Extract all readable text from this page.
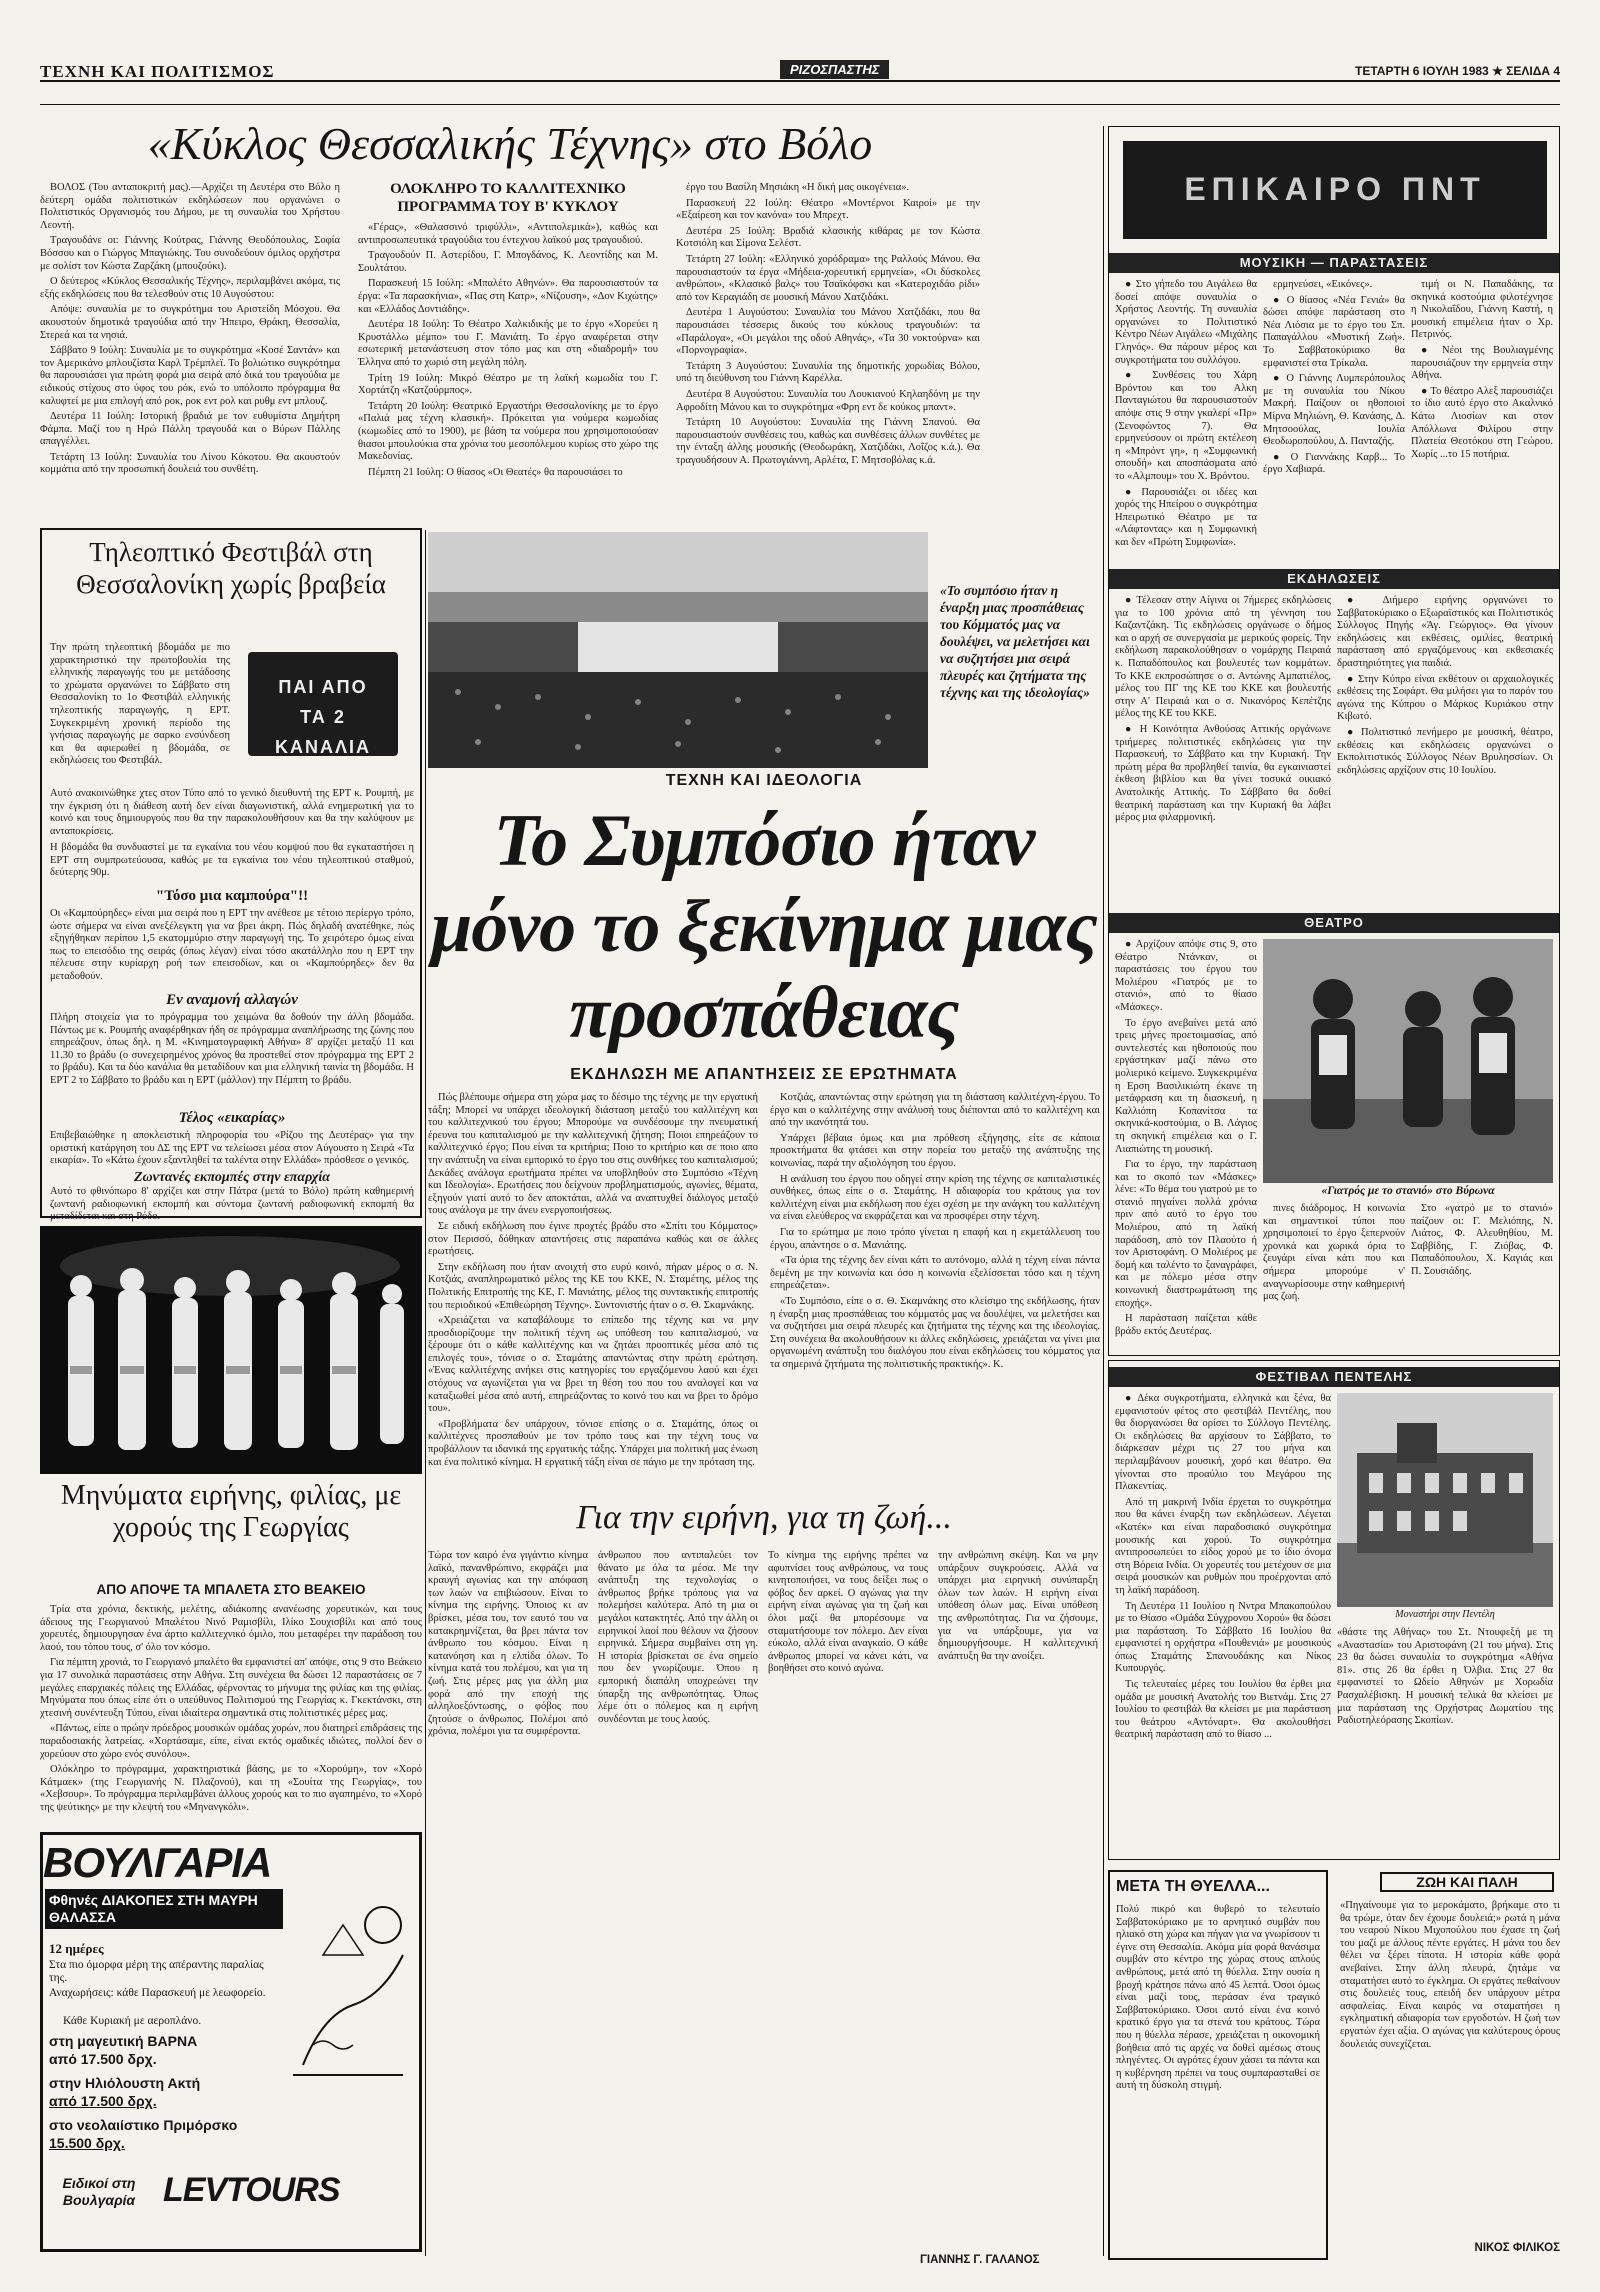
ΤΕΧΝΗ ΚΑΙ ΠΟΛΙΤΙΣΜΟΣ	ΡΙΖΟΣΠΑΣΤΗΣ	ΤΕΤΑΡΤΗ 6 ΙΟΥΛΗ 1983 ★ ΣΕΛΙΔΑ 4
«Κύκλος Θεσσαλικής Τέχνης» στο Βόλο

ΒΟΛΟΣ (Του ανταποκριτή μας).—Αρχίζει τη Δευτέρα στο Βόλο η δεύτερη ομάδα πολιτιστικών εκδηλώσεων που οργανώνει ο Πολιτιστικός Οργανισμός του Δήμου, με τη συναυλία του Χρήστου Λεοντή.

Τραγουδάνε οι: Γιάννης Κούτρας, Γιάννης Θεοδόπουλος, Σοφία Βόσσου και ο Γιώργος Μπαγιώκης. Του συνοδεύουν όμιλος ορχήστρα με σολίστ τον Κώστα Ζαρζάκη (μπουζούκι).

Ο δεύτερος «Κύκλος Θεσσαλικής Τέχνης», περιλαμβάνει ακόμα, τις εξής εκδηλώσεις που θα τελεσθούν στις 10 Αυγούστου:

Απόψε: συναυλία με το συγκρότημα του Αριστείδη Μόσχου. Θα ακουστούν δημοτικά τραγούδια από την Ήπειρο, Θράκη, Θεσσαλία, Στερεά και τα νησιά.

Σάββατο 9 Ιούλη: Συναυλία με το συγκρότημα «Κοσέ Σαντάν» και τον Αμερικάνο μπλουζίστα Καρλ Τρέμπλεϊ. Το βολιώτικο συγκρότημα θα παρουσιάσει για πρώτη φορά μια σειρά από δικά του τραγούδια με ειδικούς στίχους στο ύφος του ρόκ, ενώ το υπόλοιπο πρόγραμμα θα καλυφτεί με μια επιλογή από ροκ, ροκ εντ ρολ και ρυθμ εντ μπλουζ.

Δευτέρα 11 Ιούλη: Ιστορική βραδιά με τον ευθυμίστα Δημήτρη Φάμπα. Μαζί του η Ηρώ Πάλλη τραγουδά και ο Βύρων Πάλλης απαγγέλλει.

Τετάρτη 13 Ιούλη: Συναυλία του Λίνου Κόκοτου. Θα ακουστούν κομμάτια από την προσωπική δουλειά του συνθέτη.

ΟΛΟΚΛΗΡΟ ΤΟ ΚΑΛΛΙΤΕΧΝΙΚΟ ΠΡΟΓΡΑΜΜΑ ΤΟΥ Β' ΚΥΚΛΟΥ

«Γέρας», «Θαλασσινό τριφύλλι», «Αντιπολεμικά»), καθώς και αντιπροσωπευτικά τραγούδια του έντεχνου λαϊκού μας τραγουδιού.

Τραγουδούν Π. Αστερίδου, Γ. Μπογδάνος, Κ. Λεοντίδης και Μ. Σουλτάτου.

Παρασκευή 15 Ιούλη: «Μπαλέτο Αθηνών». Θα παρουσιαστούν τα έργα: «Τα παρασκήνια», «Πας στη Κατρ», «Νίζουση», «Δον Κιχώτης» και «Ελλάδος Δοντιάδης».

Δευτέρα 18 Ιούλη: Το Θέατρο Χαλκιδικής με το έργο «Χορεύει η Κρυστάλλω μέμπο» του Γ. Μανιάτη. Το έργο αναφέρεται στην εσωτερική μετανάστευση στον τόπο μας και στη «διαδρομή» του Έλληνα από το χωριό στη μεγάλη πόλη.

Τρίτη 19 Ιούλη: Μικρό Θέατρο με τη λαϊκή κωμωδία του Γ. Χορτάτζη «Κατζούρμπος».

Τετάρτη 20 Ιούλη: Θεατρικό Εργαστήρι Θεσσαλονίκης με το έργο «Παλιά μας τέχνη κλασική». Πρόκειται για νούμερα κωμωδίας (κωμωδίες από το 1900), με βάση τα νούμερα που χρησιμοποιούσαν θιασοι μπουλούκια στα χρόνια του μεσοπόλεμου κυρίως στο χώρο της Μακεδονίας.

Πέμπτη 21 Ιούλη: Ο θίασος «Οι Θεατές» θα παρουσιάσει το

έργο του Βασίλη Μησιάκη «Η δική μας οικογένεια».

Παρασκευή 22 Ιούλη: Θέατρο «Μοντέρνοι Καιροί» με την «Εξαίρεση και τον κανόνα» του Μπρεχτ.

Δευτέρα 25 Ιούλη: Βραδιά κλασικής κιθάρας με τον Κώστα Κοτσιόλη και Σίμονα Σελέστ.

Τετάρτη 27 Ιούλη: «Ελληνικό χορόδραμα» της Ραλλούς Μάνου. Θα παρουσιαστούν τα έργα «Μήδεια-χορευτική ερμηνεία», «Οι δύσκολες ανθρώποι», «Κλασικό βαλς» του Τσαϊκόφσκι και «Κατεροχιδάο ρίδι» από τον Κεραγιάδη σε μουσική Μάνου Χατζιδάκι.

Δευτέρα 1 Αυγούστου: Συναυλία του Μάνου Χατζιδάκι, που θα παρουσιάσει τέσσερις δικούς του κύκλους τραγουδιών: τα «Παράλογα», «Οι μεγάλοι της οδού Αθηνάς», «Τα 30 νοκτούρνα» και «Πορνογραφία».

Τετάρτη 3 Αυγούστου: Συναυλία της δημοτικής χορωδίας Βόλου, υπό τη διεύθυνση του Γιάννη Καρέλλα.

Δευτέρα 8 Αυγούστου: Συναυλία του Λουκιανού Κηλαηδόνη με την Αφροδίτη Μάνου και το συγκρότημα «Φρη εντ δε κούκος μπαντ».

Τετάρτη 10 Αυγούστου: Συναυλία της Γιάννη Σπανού. Θα παρουσιαστούν συνθέσεις του, καθώς και συνθέσεις άλλων συνθέτες με την ένταξη άλλης μουσικής (Θεοδωράκη, Χατζιδάκι, Λοΐζος κ.ά.). Θα τραγουδήσουν Α. Πρωτογιάννη, Αρλέτα, Γ. Μητσοβόλας κ.ά.

Τηλεοπτικό Φεστιβάλ στη Θεσσαλονίκη χωρίς βραβεία
Την πρώτη τηλεοπτική βδομάδα με πιο χαρακτηριστικό την πρωτοβουλία της ελληνικής παραγωγής του με μετάδοσης το χρώματα οργανώνει το Σάββατο στη Θεσσαλονίκη το 1ο Φεστιβάλ ελληνικής τηλεοπτικής παραγωγής, η ΕΡΤ. Συγκεκριμένη χρονική περίοδο της γνήσιας παραγωγής με σαρκο ενσύνδεση και θα αφιερωθεί η βδομάδα, σε εκδηλώσεις του Φεστιβάλ.
ΠΑΙ ΑΠΟ ΤΑ 2 ΚΑΝΑΛΙΑ
Αυτό ανακοινώθηκε χτες στον Τύπο από το γενικό διευθυντή της ΕΡΤ κ. Ρουμπή, με την έγκριση ότι η διάθεση αυτή δεν είναι διαγωνιστική, αλλά ενημερωτική για το κοινό και τους δημιουργούς που θα την παρακολουθήσουν και θα την καλύψουν με ανταποκρίσεις.
Η βδομάδα θα συνδυαστεί με τα εγκαίνια του νέου κομψού που θα εγκαταστήσει η ΕΡΤ στη συμπρωτεύουσα, καθώς με τα εγκαίνια του νέου τηλεοπτικού σταθμού, δεύτερης 90μ.
"Τόσο μια καμπούρα"!!
Οι «Καμπούρηδες» είναι μια σειρά που η ΕΡΤ την ανέθεσε με τέτοιο περίεργο τρόπο, ώστε σήμερα να είναι ανεξέλεγκτη για να βρει άκρη. Πώς δηλαδή ανατέθηκε, πώς εξηγήθηκαν περίπου 1,5 εκατομμύριο στην παραγωγή της. Το χειρότερο όμως είναι πως το επεισόδιο της σειράς (όπως λέγαν) είναι τόσο ακατάλληλο που η ΕΡΤ την πέλευσε στην κυρίαρχη ροή των επεισοδίων, και οι «Καμπούρηδες» δεν θα μεταδοθούν.
Εν αναμονή αλλαγών
Πλήρη στοιχεία για το πρόγραμμα του χειμώνα θα δοθούν την άλλη βδομάδα. Πάντως με κ. Ρουμπής αναφέρθηκαν ήδη σε πρόγραμμα αναπλήρωσης της ζώνης που επηρεάζουν, όπως δηλ. η Μ. «Κινηματογραφική Αθήνα» 8' αρχίζει μεταξύ 11 και 11.30 το βράδυ (ο συνεχειρημένος χρόνος θα προστεθεί στον πρόγραμμα της ΕΡΤ 2 το βράδυ). Και τα δύο κανάλια θα μεταδίδουν και μια ελληνική ταινία τη βδομάδα. Η ΕΡΤ 2 το Σάββατο το βράδυ και η ΕΡΤ (μάλλον) την Πέμπτη το βράδυ.
Τέλος «εικαρίας»
Επιβεβαιώθηκε η αποκλειστική πληροφορία του «Ρίζου της Δευτέρας» για την οριστική κατάργηση του ΔΣ της ΕΡΤ να τελείωσει μέσα στον Αύγουστο η Σειρά «Τα εικαρία». Το «Κάτω έχουν εξαντληθεί τα ταλέντα στην Ελλάδα» πρόσθεσε ο γενικός.
Ζωντανές εκπομπές στην επαρχία
Αυτό το φθινόπωρο 8' αρχίζει και στην Πάτρα (μετά το Βόλο) πρώτη καθημερινή ζωντανή ραδιοφωνική εκπομπή και σύντομα ζωντανή ραδιοφωνική εκπομπή θα μεταδίδεται και στη Ρόδο.
Μηνύματα ειρήνης, φιλίας, με χορούς της Γεωργίας
ΑΠΟ ΑΠΟΨΕ ΤΑ ΜΠΑΛΕΤΑ ΣΤΟ ΒΕΑΚΕΙΟ

Τρία στα χρόνια, δεκτικής, μελέτης, αδιάκοπης ανανέωσης χορευτικών, και τους άδειους της Γεωργιανού Μπαλέτου Νινό Ραμισβίλι, Ιλίκο Σουχισβίλι και από τους χορευτές, δημιουργησαν ένα άρτιο καλλιτεχνικό όμιλο, που μεταφέρει την παράδοση του λαού, του τόπου τους, σ' όλο τον κόσμο.

Για πέμπτη χρονιά, το Γεωργιανό μπαλέτο θα εμφανιστεί απ' απόψε, στις 9 στο Βεάκειο για 17 συνολικά παραστάσεις στην Αθήνα. Στη συνέχεια θα δώσει 12 παραστάσεις σε 7 μεγάλες επαρχιακές πόλεις της Ελλάδας, φέρνοντας το μήνυμα της φιλίας και της φιλίας. Μηνύματα που όπως είπε ότι ο υπεύθυνος Πολιτισμού της Γεωργίας κ. Γκεκτάνσκι, στη χτεσινή συνέντευξη Τύπου, είναι ιδιαίτερα σημαντικά στις πολιτιστικές μέρες μας.

«Πάντως, είπε ο πρώην πρόεδρος μουσικών ομάδας χορών, που διατηρεί επιδράσεις της παραδοσιακής λατρείας. «Χορτάσαμε, είπε, είναι εκτός ομαδικές ιδιώτες, πολλοί δεν ο χορεύουν στο χώρο ενός συνόλου».

Ολόκληρο το πρόγραμμα, χαρακτηριστικά βάσης, με το «Χορούμη», τον «Χορό Κάτμαεκ» (της Γεωργιανής Ν. Πλαζονού), και τη «Σουίτα της Γεωργίας», του «Χεβσουρ». Το πρόγραμμα περιλαμβάνει άλλους χορούς και το πιο αγαπημένο, το «Χορό της ψεύτικης» με την κλεψτή του «Μηνανγκόλι».

ΒΟΥΛΓΑΡΙΑ
Φθηνές ΔΙΑΚΟΠΕΣ ΣΤΗ ΜΑΥΡΗ ΘΑΛΑΣΣΑ
12 ημέρες
Στα πιο όμορφα μέρη της απέραντης παραλίας της.
Αναχωρήσεις: κάθε Παρασκευή με λεωφορείο.
Κάθε Κυριακή με αεροπλάνο.
στη μαγευτική ΒΑΡΝΑ
από 17.500 δρχ.
στην Ηλιόλουστη Ακτή
από 17.500 δρχ.
στο νεολαιίστικο Πριμόρσκο
15.500 δρχ.
Ειδικοί στη Βουλγαρία LEVTOURS
«Το συμπόσιο ήταν η έναρξη μιας προσπάθειας του Κόμματός μας να δουλέψει, να μελετήσει και να συζητήσει μια σειρά πλευρές και ζητήματα της τέχνης και της ιδεολογίας»
ΤΕΧΝΗ ΚΑΙ ΙΔΕΟΛΟΓΙΑ
Το Συμπόσιο ήταν μόνο το ξεκίνημα μιας προσπάθειας
ΕΚΔΗΛΩΣΗ ΜΕ ΑΠΑΝΤΗΣΕΙΣ ΣΕ ΕΡΩΤΗΜΑΤΑ

Πώς βλέπουμε σήμερα στη χώρα μας το δέσιμο της τέχνης με την εργατική τάξη; Μπορεί να υπάρχει ιδεολογική διάσταση μεταξύ του καλλιτέχνη και του καλλιτεχνικού του έργου; Μπορούμε να συνδέσουμε την πνευματική έρευνα του καπιταλισμού με την καλλιτεχνική ζήτηση; Ποιοι επηρεάζουν το καλλιτεχνικό έργο; Που είναι τα κριτήρια; Ποιο το κριτήριο και σε ποιο απο την ανάπτυξη να είναι εμπορικό το έργο του στις συνθήκες του καπιταλισμού; Δεκάδες ανάλογα ερωτήματα πρέπει να υποβληθούν στο Συμπόσιο «Τέχνη και Ιδεολογία». Ερωτήσεις που δείχνουν προβληματισμούς, αγωνίες, θέματα, εξηγούν γιατί αυτό το δεν αποκτάται, αλλά να αναπτυχθεί διάλογος μεταξύ τους ανάλογα με την άνευ ενεργοποιήσεως.

Σε ειδική εκδήλωση που έγινε προχτές βράδυ στο «Σπίτι του Κόμματος» στον Περισσό, δόθηκαν απαντήσεις στις παραπάνω καθώς και σε άλλες ερωτήσεις.

Στην εκδήλωση που ήταν ανοιχτή στο ευρύ κοινό, πήραν μέρος ο σ. Ν. Κοτζιάς, αναπληρωματικό μέλος της ΚΕ του ΚΚΕ, Ν. Σταμέτης, μέλος της Πολιτικής Επιτροπής της ΚΕ, Γ. Μανιάτης, μέλος της συντακτικής επιτροπής του περιοδικού «Επιθεώρηση Τέχνης». Συντονιστής ήταν ο σ. Θ. Σκαμνάκης.

«Χρειάζεται να καταβάλουμε το επίπεδο της τέχνης και να μην προσδιορίζουμε την πολιτική τέχνη ως υπόθεση του καπιταλισμού, να ξέρουμε ότι ο κάθε καλλιτέχνης και να ζητάει προοπτικές μέσα από τις επιλογές του», τόνισε ο σ. Σταμάτης απαντώντας στην πρώτη ερώτηση. «Ένας καλλιτέχνης ανήκει στις κατηγορίες του εργαζόμενου λαού και έχει στόχους να αγωνίζεται για να βρει τη θέση του που του αναλογεί και να καταξιωθεί μέσα από αυτή, επηρεάζοντας το κοινό του και να βρει το δρόμο του».

«Προβλήματα δεν υπάρχουν, τόνισε επίσης ο σ. Σταμάτης, όπως οι καλλιτέχνες προσπαθούν με τον τρόπο τους και την τέχνη τους να προβάλλουν τα ιδανικά της εργατικής τάξης. Υπάρχει μια πολιτική μας ένωση και ένα πολιτικό κίνημα. Η εργατική τάξη είναι σε πάγιο με την πρόταση της.

Κοτζιάς, απαντώντας στην ερώτηση για τη διάσταση καλλιτέχνη-έργου. Το έργο και ο καλλιτέχνης στην ανάλυσή τους διέπονται από το καλλιτέχνη και από την ικανότητά του.

Υπάρχει βέβαια όμως και μια πρόθεση εξήγησης, είτε σε κάποια προσκτήματα θα φτάσει και στην πορεία του μεταξύ της ανάπτυξης της κοινωνίας, παρά την αξιολόγηση του έργου.

Η ανάλυση του έργου που οδηγεί στην κρίση της τέχνης σε καπιταλιστικές συνθήκες, όπως είπε ο σ. Σταμάτης. Η αδιαφορία του κράτους για τον καλλιτέχνη είναι μια εκδήλωση που έχει σχέση με την ανάγκη του καλλιτέχνη να είναι ελεύθερος να εκφράζεται και να προσφέρει στην τέχνη.

Για το ερώτημα με ποιο τρόπο γίνεται η επαφή και η εκμετάλλευση του έργου, απάντησε ο σ. Μανιάτης.

«Τα όρια της τέχνης δεν είναι κάτι το αυτόνομο, αλλά η τέχνη είναι πάντα δεμένη με την κοινωνία και όσο η κοινωνία εξελίσσεται τόσο και η τέχνη επηρεάζεται».

«Το Συμπόσιο, είπε ο σ. Θ. Σκαμνάκης στο κλείσιμο της εκδήλωσης, ήταν η έναρξη μιας προσπάθειας του κόμματός μας να δουλέψει, να μελετήσει και να συζητήσει μια σειρά πλευρές και ζητήματα της τέχνης και της ιδεολογίας. Στη συνέχεια θα ακολουθήσουν κι άλλες εκδηλώσεις, χρειάζεται να γίνει μια οργανωμένη ανάπτυξη του διαλόγου που είναι εκδηλώσεις του κόμματος για τα σημερινά ζητήματα της πολιτιστικής πρακτικής». Κ.

Για την ειρήνη, για τη ζωή...
Τώρα τον καιρό ένα γιγάντιο κίνημα λαϊκό, πανανθρώπινο, εκφράζει μια κραυγή αγωνίας και την απόφαση των λαών να επιβιώσουν. Είναι το κίνημα της ειρήνης. Όποιος κι αν βρίσκει, μέσα του, τον εαυτό του να κατακρημνίζεται, θα βρει πάντα τον άνθρωπο του κόσμου. Είναι η κατανόηση και η ελπίδα όλων. Το κίνημα κατά του πολέμου, και για τη ζωή. Στις μέρες μας για άλλη μια φορά από την εποχή της αλληλοεξόντωσης, ο φόβος που ζητούσε ο άνθρωπος. Πολέμοι από χρόνια, πολέμοι για τα συμφέροντα.
άνθρωπου που αντιπαλεύει τον θάνατο με όλα τα μέσα. Με την ανάπτυξη της τεχνολογίας ο άνθρωπος βρήκε τρόπους για να πολεμήσει καλύτερα. Από τη μια οι μεγάλοι κατακτητές. Από την άλλη οι ειρηνικοί λαοί που θέλουν να ζήσουν ειρηνικά. Σήμερα συμβαίνει στη γη. Η ιστορία βρίσκεται σε ένα σημείο που δεν γνωρίζουμε. Όπου η εμπορική διαπάλη υποχρεώνει την ύπαρξη της ανθρωπότητας. Όπως λέμε ότι ο πόλεμος και η ειρήνη συνδέονται με τους λαούς.
Το κίνημα της ειρήνης πρέπει να αφυπνίσει τους ανθρώπους, να τους κινητοποιήσει, να τους δείξει πως ο φόβος δεν αρκεί. Ο αγώνας για την ειρήνη είναι αγώνας για τη ζωή και όλοι μαζί θα μπορέσουμε να σταματήσουμε τον πόλεμο. Δεν είναι εύκολο, αλλά είναι αναγκαίο. Ο κάθε άνθρωπος μπορεί να κάνει κάτι, να βοηθήσει στο κοινό αγώνα.
την ανθρώπινη σκέψη. Και να μην υπάρξουν συγκρούσεις. Αλλά να υπάρχει μια ειρηνική συνύπαρξη όλων των λαών. Η ειρήνη είναι υπόθεση όλων μας. Είναι υπόθεση της ανθρωπότητας. Για να ζήσουμε, για να υπάρξουμε, για να δημιουργήσουμε. Η καλλιτεχνική ανάπτυξη θα την ανοίξει.
ΓΙΑΝΝΗΣ Γ. ΓΑΛΑΝΟΣ
ΕΠΙΚΑΙΡΟ ΠΝΤ
ΜΟΥΣΙΚΗ — ΠΑΡΑΣΤΑΣΕΙΣ

● Στο γήπεδο του Αιγάλεω θα δοσεί απόψε συναυλία ο Χρήστος Λεοντής. Τη συναυλία οργανώνει το Πολιτιστικό Κέντρο Νέων Αιγάλεω «Μιχάλης Γληνός». Θα πάρουν μέρος και συγκροτήματα του συλλόγου.

● Συνθέσεις του Χάρη Βρόντου και του Αλκη Πανταγιώτου θα παρουσιαστούν απόψε στις 9 στην γκαλερί «Πρ» (Σενοφώντος 7). Θα ερμηνεύσουν οι πρώτη εκτέλεση η «Μπρόντ γη», η «Συμφωνική σπουδή» και αποσπάσματα από το «Αλμπουμ» του Χ. Βρόντου.

● Παρουσιάζει οι ιδέες και χορός της Ηπείρου ο συγκρότημα Ηπειρωτικό Θέατρο με τα «Λάφτοντας» και η Συμφωνική και δεν «Πρώτη Συμφωνία».

ερμηνεύσει, «Εικόνες».

● Ο θίασος «Νέα Γενιά» θα δώσει απόψε παράσταση στο Νέα Λιόσια με το έργο του Σπ. Παπαγάλλου «Μυστική Ζωή». Το Σαββατοκύριακο θα εμφανιστεί στα Τρίκαλα.

● Ο Γιάννης Λυμπερόπουλος με τη συναυλία του Νίκου Μακρή. Παίζουν οι ηθοποιοί Μίρνα Μηλιώνη, Θ. Κανάσης, Δ. Μητσοούλας, Ιουλία Θεοδωροπούλου, Δ. Πανταζής.

● Ο Γιαννάκης Καρβ... Το έργο Χαβιαρά.

τιμή οι Ν. Παπαδάκης, τα σκηνικά κοστούμια φιλοτέχνησε η Νικολαΐδου, Γιάννη Καστή, η μουσική επιμέλεια ήταν ο Χρ. Πετρινός.

● Νέοι της Βουλιαγμένης παρουσιάζουν την ερμηνεία στην Αθήνα.

● Το θέατρο Αλεξ παρουσιάζει το ίδιο αυτό έργο στο Ακαλνικό Κάτω Λιοσίων και στον Απόλλωνα Φιλίρου στην Πλατεία Θεοτόκου στη Γεώρου. Χωρίς ...το 15 ποτήρια.

ΕΚΔΗΛΩΣΕΙΣ

● Τέλεσαν στην Αίγινα οι 7ήμερες εκδηλώσεις για το 100 χρόνια από τη γέννηση του Καζαντζάκη. Τις εκδηλώσεις οργάνωσε ο δήμος και ο αρχή σε συνεργασία με μερικούς φορείς. Την εκδήλωση παρακολούθησαν ο νομάρχης Πειραιά κ. Παπαδόπουλος και βουλευτές των κομμάτων. Το ΚΚΕ εκπροσώπησε ο σ. Αντώνης Αμπατιέλος, μέλος του ΠΓ της ΚΕ του ΚΚΕ και βουλευτής στην Α' Πειραιά και ο σ. Νικανόρος Κεπέτζης μέλος της ΚΕ του ΚΚΕ.

● Η Κοινότητα Ανθούσας Αττικής οργάνωνε τριήμερες πολιτιστικές εκδηλώσεις για την Παρασκευή, το Σάββατο και την Κυριακή. Την πρώτη μέρα θα προβληθεί ταινία, θα εγκαινιαστεί έκθεση βιβλίου και θα γίνει τοσυκά οικιακό Ανατολικής Αττικής. Το Σάββατο θα δοθεί θεατρική παράσταση και την Κυριακή θα λάβει μέρος μια φιλαρμονική.

● Διήμερο ειρήνης οργανώνει το Σαββατοκύριακο ο Εξωραϊστικός και Πολιτιστικός Σύλλογος Πηγής «Άγ. Γεώργιος». Θα γίνουν εκδηλώσεις και εκθέσεις, ομιλίες, θεατρική παράσταση από εργαζόμενους και εκθεσιακές δραστηριότητες για παιδιά.

● Στην Κύπρο είναι εκθέτουν οι αρχαιολογικές εκθέσεις της Σοφάρτ. Θα μιλήσει για το παρόν του αγώνα της Κύπρου ο Μάρκος Κυριάκου στην Κιβωτό.

● Πολιτιστικό πενήμερο με μουσική, θέατρο, εκθέσεις και εκδηλώσεις οργανώνει ο Εκπολιτιστικός Σύλλογος Νέων Βρυλησσίων. Οι εκδηλώσεις αρχίζουν στις 10 Ιουλίου.

ΘΕΑΤΡΟ

● Αρχίζουν απόψε στις 9, στο Θέατρο Ντάνκαν, οι παραστάσεις του έργου του Μολιέρου «Γιατρός με το στανιό», από το θίασο «Μάσκες».

Το έργο ανεβαίνει μετά από τρεις μήνες προετοιμασίας, από συντελεστές και ηθοποιούς που εργάστηκαν μαζί πάνω στο μολιερικό κείμενο. Συγκεκριμένα η Ερση Βασιλικιώτη έκανε τη μετάφραση και τη διασκευή, η Καλλιόπη Κοπανίτσα τα σκηνικά-κοστούμια, ο Β. Λάγιος τη σκηνική επιμέλεια και ο Γ. Λιαπιώτης τη μουσική.

Για το έργο, την παράσταση και το σκοπό των «Μάσκες» λένε: «Το θέμα του γιατρού με το στανιό πηγαίνει πολλά χρόνια πριν από αυτό το έργο του Μολιέρου, από τη λαϊκή παράδοση, από τον Πλαούτο ή τον Αριστοφάνη. Ο Μολιέρος με δομή και ταλέντο το ξαναγράφει, και με πόλεμο μέσα στην κοινωνική διαστρωμάτωση της εποχής».

Η παράσταση παίζεται κάθε βράδυ εκτός Δευτέρας.

«Γιατρός με το στανιό» στο Βύρωνα

πινες διάδρομος. Η κοινωνία και σημαντικοί τύποι που χρησιμοποιεί το έργο ξεπερνούν χρονικά και χωρικά όρια το ζευγάρι είναι κάτι που και σήμερα μπορούμε ν' αναγνωρίσουμε στην καθημερινή μας ζωή.

Στο «γατρό με το στανιό» παίζουν οι: Γ. Μελιόπης, Ν. Λιάτος, Φ. Αλευθηθίου, Μ. Σαββίδης, Γ. Ζιόβας, Φ. Παπαδόπουλου, Χ. Καγιάς και Π. Σουσιάδης.

ΦΕΣΤΙΒΑΛ ΠΕΝΤΕΛΗΣ

● Δέκα συγκροτήματα, ελληνικά και ξένα, θα εμφανιστούν φέτος στο φεστιβάλ Πεντέλης, που θα διοργανώσει θα ορίσει το Σύλλογο Πεντέλης. Οι εκδηλώσεις θα αρχίσουν το Σάββατο, το διάρκεσαν μέχρι τις 27 του μήνα και περιλαμβάνουν μουσική, χορό και θέατρο. Θα γίνονται στο προαύλιο του Μεγάρου της Πλακεντίας.

Από τη μακρινή Ινδία έρχεται το συγκρότημα που θα κάνει έναρξη των εκδηλώσεων. Λέγεται «Κατέκ» και είναι παραδοσιακό συγκρότημα μουσικής και χορού. Το συγκρότημα αντιπροσωπεύει το είδος χορού με το ίδιο όνομα στη Βόρεια Ινδία. Οι χορευτές του μετέχουν σε μια σειρά μουσικών και ρυθμών που προέρχονται από τη λαϊκή παράδοση.

Τη Δευτέρα 11 Ιουλίου η Νντρα Μπακοπούλου με το Θίασο «Ομάδα Σύγχρονου Χορού» θα δώσει μια παράσταση. Το Σάββατο 16 Ιουλίου θα εμφανιστεί η ορχήστρα «Πουθενιά» με μουσικούς όπως Σταμάτης Σπανουδάκης και Νίκος Κυπουργός.

Τις τελευταίες μέρες του Ιουλίου θα έρθει μια ομάδα με μουσική Ανατολής του Βιετνάμ. Στις 27 Ιουλίου το φεστιβάλ θα κλείσει με μια παράσταση του θεάτρου «Αντόναρτ». Θα ακολουθήσει θεατρική παράσταση από το θίασο ...

Μοναστήρι στην Πεντέλη
«θάστε της Αθήνας» του Στ. Ντουφεξή με τη «Αναστασία» του Αριστοφάνη (21 του μήνα). Στις 23 θα δώσει συναυλία το συγκρότημα «Αθήνα 81». στις 26 θα έρθει η Όλβια. Στις 27 θα εμφανιστεί το Ωδείο Αθηνών με Χορωδία Ρασχαλέβισκη. Η μουσική τελικά θα κλείσει με μια παράσταση της Ορχήστρας Δωματίου της Ραδιοτηλεόρασης Σκοπίων.
ΜΕΤΑ ΤΗ ΘΥΕΛΛΑ...
Πολύ πικρό και θυβερό το τελευταίο Σαββατοκύριακο με το αρνητικό συμβάν που ηλιακό στη χώρα και πήγαν για να γνωρίσουν τι έγινε στη Θεσσαλία. Ακόμα μία φορά θανάσιμα συμβάν στο κέντρο της χώρας στους απλούς ανθρώπους, μετά από τη θύελλα. Στην ουσία η βροχή κράτησε πάνω από 45 λεπτά. Όσοι όμως είναι μαζί τους, περάσαν ένα τραγικό Σαββατοκύριακο. Όσοι αυτό είναι ένα κοινό κρατικό έργο για τα στενά του κράτους. Τώρα που η θύελλα πέρασε, χρειάζεται η οικονομική βοήθεια από τις αρχές να δοθεί αμέσως στους πληγέντες. Οι αγρότες έχουν χάσει τα πάντα και η κυβέρνηση πρέπει να τους συμπαρασταθεί σε αυτή τη δύσκολη στιγμή.
ΖΩΗ ΚΑΙ ΠΑΛΗ
«Πηγαίνουμε για το μεροκάματο, βρήκαμε στο τι θα τρώμε, όταν δεν έχουμε δουλειά;» ρωτά η μάνα του νεαρού Νίκου Μιχοπούλου που έχασε τη ζωή του μαζί με άλλους πέντε εργάτες. Η μάνα του δεν θέλει να ξέρει τίποτα. Η ιστορία κάθε φορά ανεβαίνει. Στην άλλη πλευρά, ζητάμε να σταματήσει αυτό το έγκλημα. Οι εργάτες πεθαίνουν στις δουλειές τους, επειδή δεν υπάρχουν μέτρα ασφαλείας. Είναι καιρός να σταματήσει η εγκληματική αδιαφορία των εργοδοτών. Η ζωή των εργατών έχει αξία. Ο αγώνας για καλύτερους όρους δουλειάς συνεχίζεται.
ΝΙΚΟΣ ΦΙΛΙΚΟΣ
